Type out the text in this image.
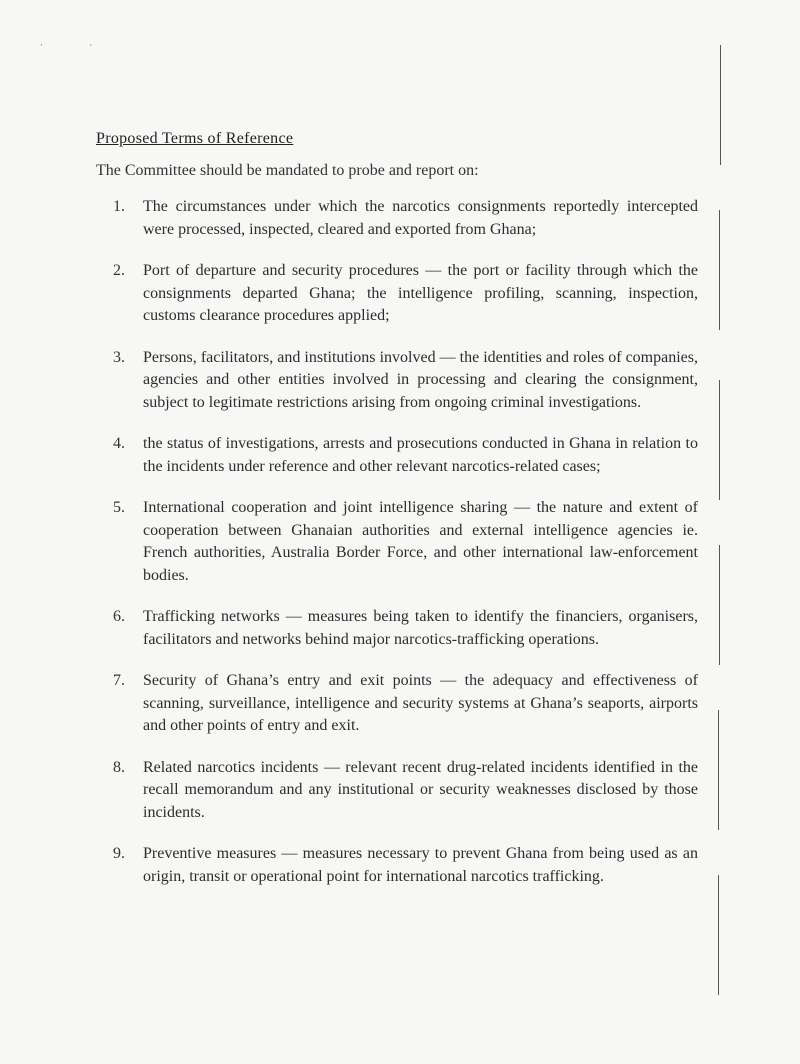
· ·
Proposed Terms of Reference
The Committee should be mandated to probe and report on:
1.	The circumstances under which the narcotics consignments reportedly intercepted were processed, inspected, cleared and exported from Ghana;
2.	Port of departure and security procedures — the port or facility through which the consignments departed Ghana; the intelligence profiling, scanning, inspection, customs clearance procedures applied;
3.	Persons, facilitators, and institutions involved — the identities and roles of companies, agencies and other entities involved in processing and clearing the consignment, subject to legitimate restrictions arising from ongoing criminal investigations.
4.	the status of investigations, arrests and prosecutions conducted in Ghana in relation to the incidents under reference and other relevant narcotics-related cases;
5.	International cooperation and joint intelligence sharing — the nature and extent of cooperation between Ghanaian authorities and external intelligence agencies ie. French authorities, Australia Border Force, and other international law-enforcement bodies.
6.	Trafficking networks — measures being taken to identify the financiers, organisers, facilitators and networks behind major narcotics-trafficking operations.
7.	Security of Ghana’s entry and exit points — the adequacy and effectiveness of scanning, surveillance, intelligence and security systems at Ghana’s seaports, airports and other points of entry and exit.
8.	Related narcotics incidents — relevant recent drug-related incidents identified in the recall memorandum and any institutional or security weaknesses disclosed by those incidents.
9.	Preventive measures — measures necessary to prevent Ghana from being used as an origin, transit or operational point for international narcotics trafficking.
